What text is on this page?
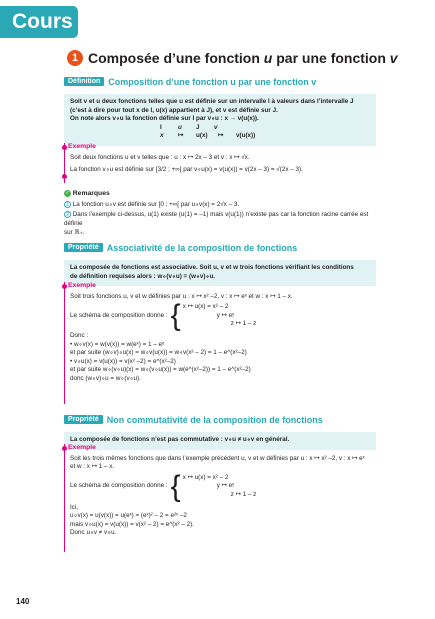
Cours
1 Composée d’une fonction u par une fonction v
Définition Composition d’une fonction u par une fonction v
Soit v et u deux fonctions telles que u est définie sur un intervalle I à valeurs dans l’intervalle J
(c’est à dire pour tout x de I, u(x) appartient à J), et v est définie sur J.
On note alors v∘u la fonction définie sur I par v∘u : x → v(u(x)).
I	u	J	v
x	↦	u(x)	↦	v(u(x))
Exemple
Soit deux fonctions u et v telles que : u : x ↦ 2x – 3 et v : x ↦ √x.
La fonction v∘u est définie sur [3/2 ; +∞[ par v∘u(x) = v(u(x)) = v(2x – 3) = √(2x – 3).
✓ Remarques
1 La fonction u∘v est définie sur [0 ; +∞[ par u∘v(x) = 2√x – 3.
2 Dans l’exemple ci-dessus, u(1) existe (u(1) = –1) mais v(u(1)) n’existe pas car la fonction racine carrée est définie
sur ℝ₊.
Propriété Associativité de la composition de fonctions
La composée de fonctions est associative. Soit u, v et w trois fonctions vérifiant les conditions
de définition requises alors : w∘(v∘u) = (w∘v)∘u.
Exemple
Soit trois fonctions u, v et w définies par u : x ↦ x² –2, v : x ↦ eˣ et w : x ↦ 1 – x.
Le schéma de composition donne : { x ↦ u(x) = x² – 2
y ↦ eʸ
z ↦ 1 – z
Donc :
• w∘v(x) = w(v(x)) = w(eˣ) = 1 – eˣ
et par suite (w∘v)∘u(x) = w∘v(u(x)) = w∘v(x² – 2) = 1 – e^(x²–2)
• v∘u(x) = v(u(x)) = v(x² –2) = e^(x²–2)
et par suite w∘(v∘u)(x) = w∘(v∘u(x)) = w(e^(x²–2)) = 1 – e^(x²–2)
donc (w∘v)∘u = w∘(v∘u).
Propriété Non commutativité de la composition de fonctions
La composée de fonctions n’est pas commutative : v∘u ≠ u∘v en général.
Exemple
Soit les trois mêmes fonctions que dans l’exemple précédent u, v et w définies par u : x ↦ x² –2, v : x ↦ eˣ
et w : x ↦ 1 – x.
Le schéma de composition donne : { x ↦ u(x) = x² – 2
y ↦ eʸ
z ↦ 1 – z
Ici,
u∘v(x) = u(v(x)) = u(eˣ) = (eˣ)² – 2 = e²ˣ –2
mais v∘u(x) = v(u(x)) = v(x² – 2) = e^(x² – 2).
Donc u∘v ≠ v∘u.
140
